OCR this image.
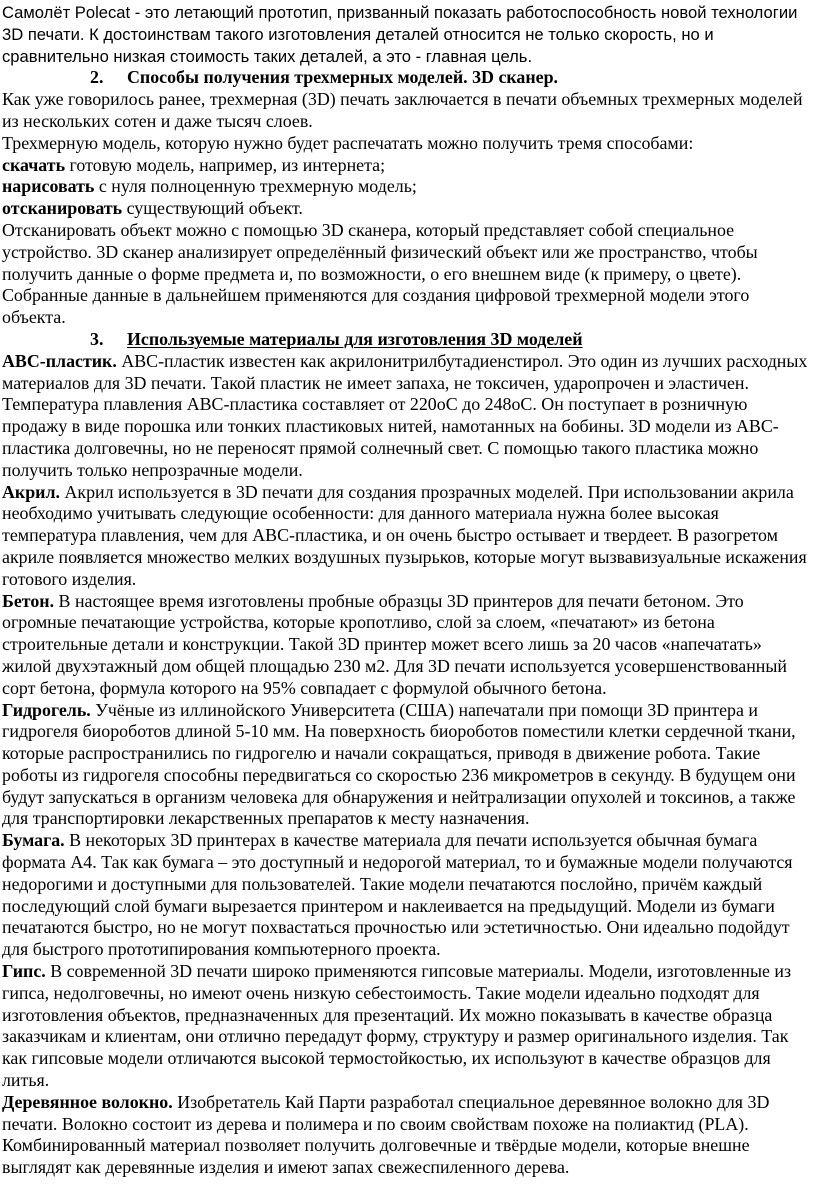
Самолёт Polecat - это летающий прототип, призванный показать работоспособность новой технологии 3D печати. К достоинствам такого изготовления деталей относится не только скорость, но и сравнительно низкая стоимость таких деталей, а это - главная цель.

2. Способы получения трехмерных моделей. 3D сканер.

Как уже говорилось ранее, трехмерная (3D) печать заключается в печати объемных трехмерных моделей из нескольких сотен и даже тысяч слоев.

Трехмерную модель, которую нужно будет распечатать можно получить тремя способами:

скачать готовую модель, например, из интернета;

нарисовать с нуля полноценную трехмерную модель;

отсканировать существующий объект.

Отсканировать объект можно с помощью 3D сканера, который представляет собой специальное устройство. 3D сканер анализирует определённый физический объект или же пространство, чтобы получить данные о форме предмета и, по возможности, о его внешнем виде (к примеру, о цвете). Собранные данные в дальнейшем применяются для создания цифровой трехмерной модели этого объекта.

3. Используемые материалы для изготовления 3D моделей

ABC-пластик. ABC-пластик известен как акрилонитрилбутадиенстирол. Это один из лучших расходных материалов для 3D печати. Такой пластик не имеет запаха, не токсичен, ударопрочен и эластичен. Температура плавления ABC-пластика составляет от 220оС до 248оС. Он поступает в розничную продажу в виде порошка или тонких пластиковых нитей, намотанных на бобины. 3D модели из ABC-пластика долговечны, но не переносят прямой солнечный свет. С помощью такого пластика можно получить только непрозрачные модели.

Акрил. Акрил используется в 3D печати для создания прозрачных моделей. При использовании акрила необходимо учитывать следующие особенности: для данного материала нужна более высокая температура плавления, чем для ABC-пластика, и он очень быстро остывает и твердеет. В разогретом акриле появляется множество мелких воздушных пузырьков, которые могут вызвавизуальные искажения готового изделия.

Бетон. В настоящее время изготовлены пробные образцы 3D принтеров для печати бетоном. Это огромные печатающие устройства, которые кропотливо, слой за слоем, «печатают» из бетона строительные детали и конструкции. Такой 3D принтер может всего лишь за 20 часов «напечатать» жилой двухэтажный дом общей площадью 230 м2. Для 3D печати используется усовершенствованный сорт бетона, формула которого на 95% совпадает с формулой обычного бетона.

Гидрогель. Учёные из иллинойского Университета (США) напечатали при помощи 3D принтера и гидрогеля биороботов длиной 5-10 мм. На поверхность биороботов поместили клетки сердечной ткани, которые распространились по гидрогелю и начали сокращаться, приводя в движение робота. Такие роботы из гидрогеля способны передвигаться со скоростью 236 микрометров в секунду. В будущем они будут запускаться в организм человека для обнаружения и нейтрализации опухолей и токсинов, а также для транспортировки лекарственных препаратов к месту назначения.

Бумага. В некоторых 3D принтерах в качестве материала для печати используется обычная бумага формата А4. Так как бумага – это доступный и недорогой материал, то и бумажные модели получаются недорогими и доступными для пользователей. Такие модели печатаются послойно, причём каждый последующий слой бумаги вырезается принтером и наклеивается на предыдущий. Модели из бумаги печатаются быстро, но не могут похвастаться прочностью или эстетичностью. Они идеально подойдут для быстрого прототипирования компьютерного проекта.

Гипс. В современной 3D печати широко применяются гипсовые материалы. Модели, изготовленные из гипса, недолговечны, но имеют очень низкую себестоимость. Такие модели идеально подходят для изготовления объектов, предназначенных для презентаций. Их можно показывать в качестве образца заказчикам и клиентам, они отлично передадут форму, структуру и размер оригинального изделия. Так как гипсовые модели отличаются высокой термостойкостью, их используют в качестве образцов для литья.

Деревянное волокно. Изобретатель Кай Парти разработал специальное деревянное волокно для 3D печати. Волокно состоит из дерева и полимера и по своим свойствам похоже на полиактид (PLA). Комбинированный материал позволяет получить долговечные и твёрдые модели, которые внешне выглядят как деревянные изделия и имеют запах свежеспиленного дерева.
